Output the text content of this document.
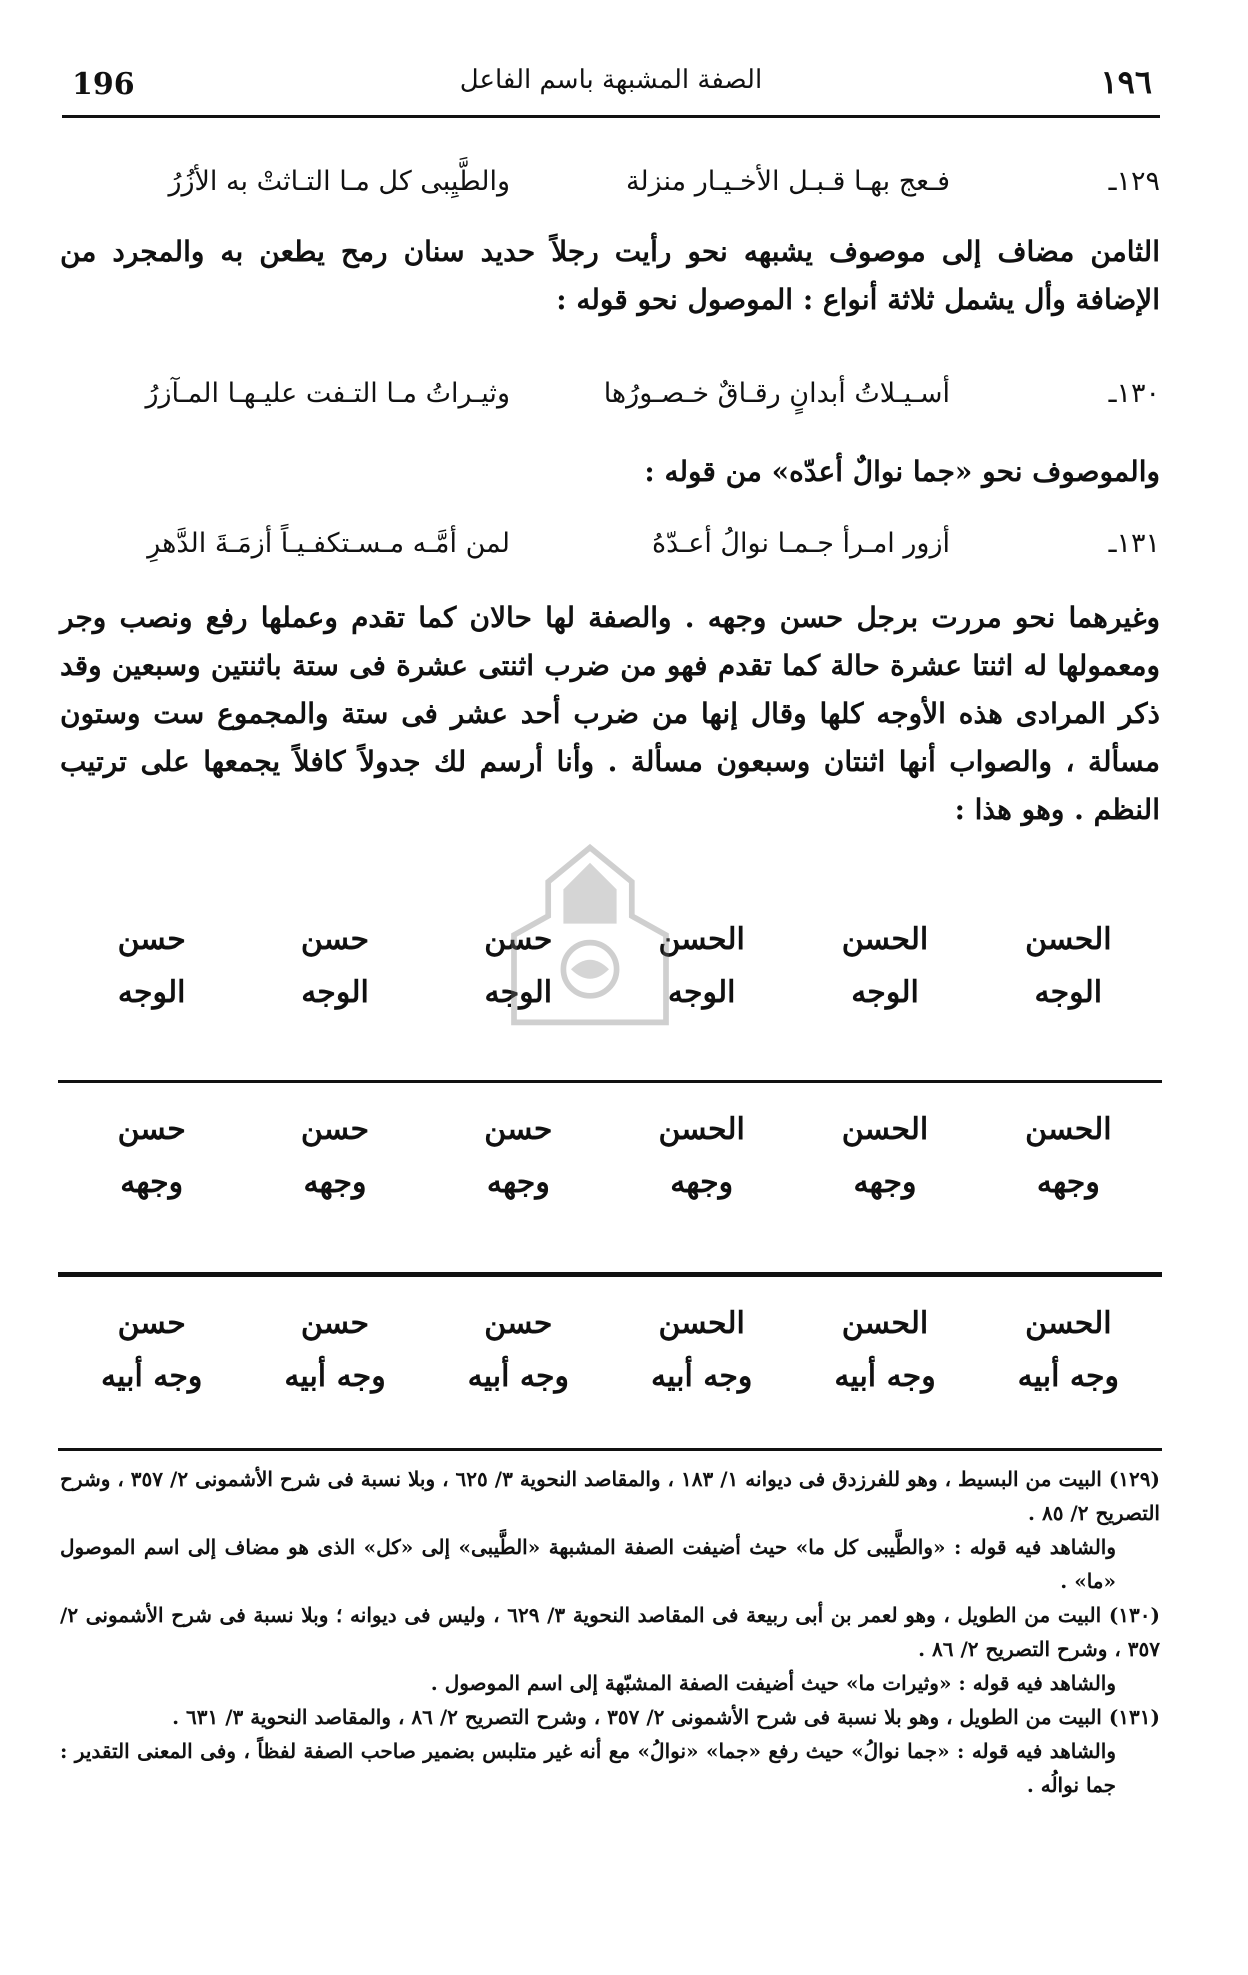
196	الصفة المشبهة باسم الفاعل	١٩٦
١٢٩ـ
فـعج بهـا قـبـل الأخـيـار منزلة
والطَّيِبى كل مـا التـاثتْ به الأزُرُ
الثامن مضاف إلى موصوف يشبهه نحو رأيت رجلاً حديد سنان رمح يطعن به والمجرد من الإضافة وأل يشمل ثلاثة أنواع : الموصول نحو قوله :
١٣٠ـ
أسـيـلاتُ أبدانٍ رقـاقٌ خـصـورُها
وثيـراتُ مـا التـفت عليـهـا المـآزرُ
والموصوف نحو «جما نوالٌ أعدّه» من قوله :
١٣١ـ
أزور امـرأ جـمـا نوالُ أعـدّهُ
لمن أمَّـه مـسـتكفـيـاً أزمَـةَ الدَّهرِ
وغيرهما نحو مررت برجل حسن وجهه . والصفة لها حالان كما تقدم وعملها رفع ونصب وجر ومعمولها له اثنتا عشرة حالة كما تقدم فهو من ضرب اثنتى عشرة فى ستة باثنتين وسبعين وقد ذكر المرادى هذه الأوجه كلها وقال إنها من ضرب أحد عشر فى ستة والمجموع ست وستون مسألة ، والصواب أنها اثنتان وسبعون مسألة . وأنا أرسم لك جدولاً كافلاً يجمعها على ترتيب النظم . وهو هذا :
الحسن
الحسن
الحسن
حسن
حسن
حسن
الوجه
الوجه
الوجه
الوجه
الوجه
الوجه
الحسن
الحسن
الحسن
حسن
حسن
حسن
وجهه
وجهه
وجهه
وجهه
وجهه
وجهه
الحسن
الحسن
الحسن
حسن
حسن
حسن
وجه أبيه
وجه أبيه
وجه أبيه
وجه أبيه
وجه أبيه
وجه أبيه

(١٢٩) البيت من البسيط ، وهو للفرزدق فى ديوانه ١/ ١٨٣ ، والمقاصد النحوية ٣/ ٦٢٥ ، وبلا نسبة فى شرح الأشمونى ٢/ ٣٥٧ ، وشرح التصريح ٢/ ٨٥ .

والشاهد فيه قوله : «والطَّيبى كل ما» حيث أضيفت الصفة المشبهة «الطَّيبى» إلى «كل» الذى هو مضاف إلى اسم الموصول «ما» .

(١٣٠) البيت من الطويل ، وهو لعمر بن أبى ربيعة فى المقاصد النحوية ٣/ ٦٢٩ ، وليس فى ديوانه ؛ وبلا نسبة فى شرح الأشمونى ٢/ ٣٥٧ ، وشرح التصريح ٢/ ٨٦ .

والشاهد فيه قوله : «وثيرات ما» حيث أضيفت الصفة المشبّهة إلى اسم الموصول .

(١٣١) البيت من الطويل ، وهو بلا نسبة فى شرح الأشمونى ٢/ ٣٥٧ ، وشرح التصريح ٢/ ٨٦ ، والمقاصد النحوية ٣/ ٦٣١ .

والشاهد فيه قوله : «جما نوالُ» حيث رفع «جما» «نوالُ» مع أنه غير متلبس بضمير صاحب الصفة لفظاً ، وفى المعنى التقدير : جما نوالُه .
